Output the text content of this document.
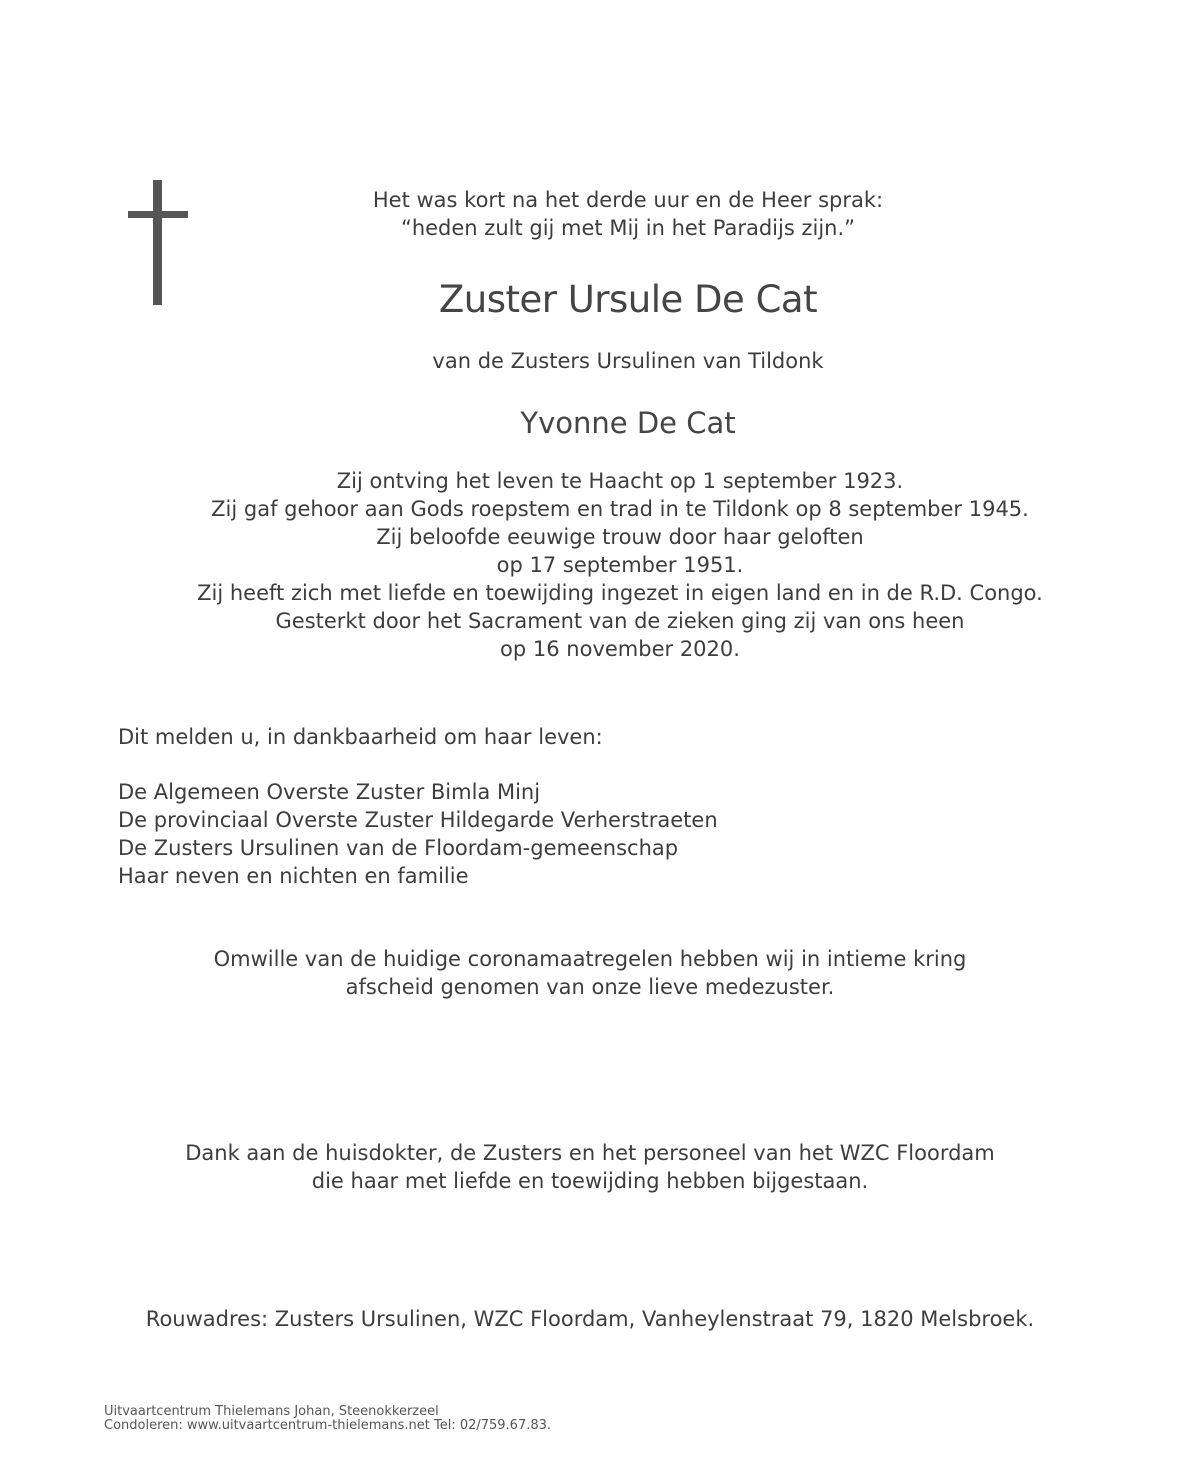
Het was kort na het derde uur en de Heer sprak:
“heden zult gij met Mij in het Paradijs zijn.”
Zuster Ursule De Cat
van de Zusters Ursulinen van Tildonk
Yvonne De Cat
Zij ontving het leven te Haacht op 1 september 1923.
Zij gaf gehoor aan Gods roepstem en trad in te Tildonk op 8 september 1945.
Zij beloofde eeuwige trouw door haar geloften
op 17 september 1951.
Zij heeft zich met liefde en toewijding ingezet in eigen land en in de R.D. Congo.
Gesterkt door het Sacrament van de zieken ging zij van ons heen
op 16 november 2020.
Dit melden u, in dankbaarheid om haar leven:
De Algemeen Overste Zuster Bimla Minj
De provinciaal Overste Zuster Hildegarde Verherstraeten
De Zusters Ursulinen van de Floordam-gemeenschap
Haar neven en nichten en familie
Omwille van de huidige coronamaatregelen hebben wij in intieme kring
afscheid genomen van onze lieve medezuster.
Dank aan de huisdokter, de Zusters en het personeel van het WZC Floordam
die haar met liefde en toewijding hebben bijgestaan.
Rouwadres: Zusters Ursulinen, WZC Floordam, Vanheylenstraat 79, 1820 Melsbroek.
Uitvaartcentrum Thielemans Johan, Steenokkerzeel
Condoleren: www.uitvaartcentrum-thielemans.net Tel: 02/759.67.83.
